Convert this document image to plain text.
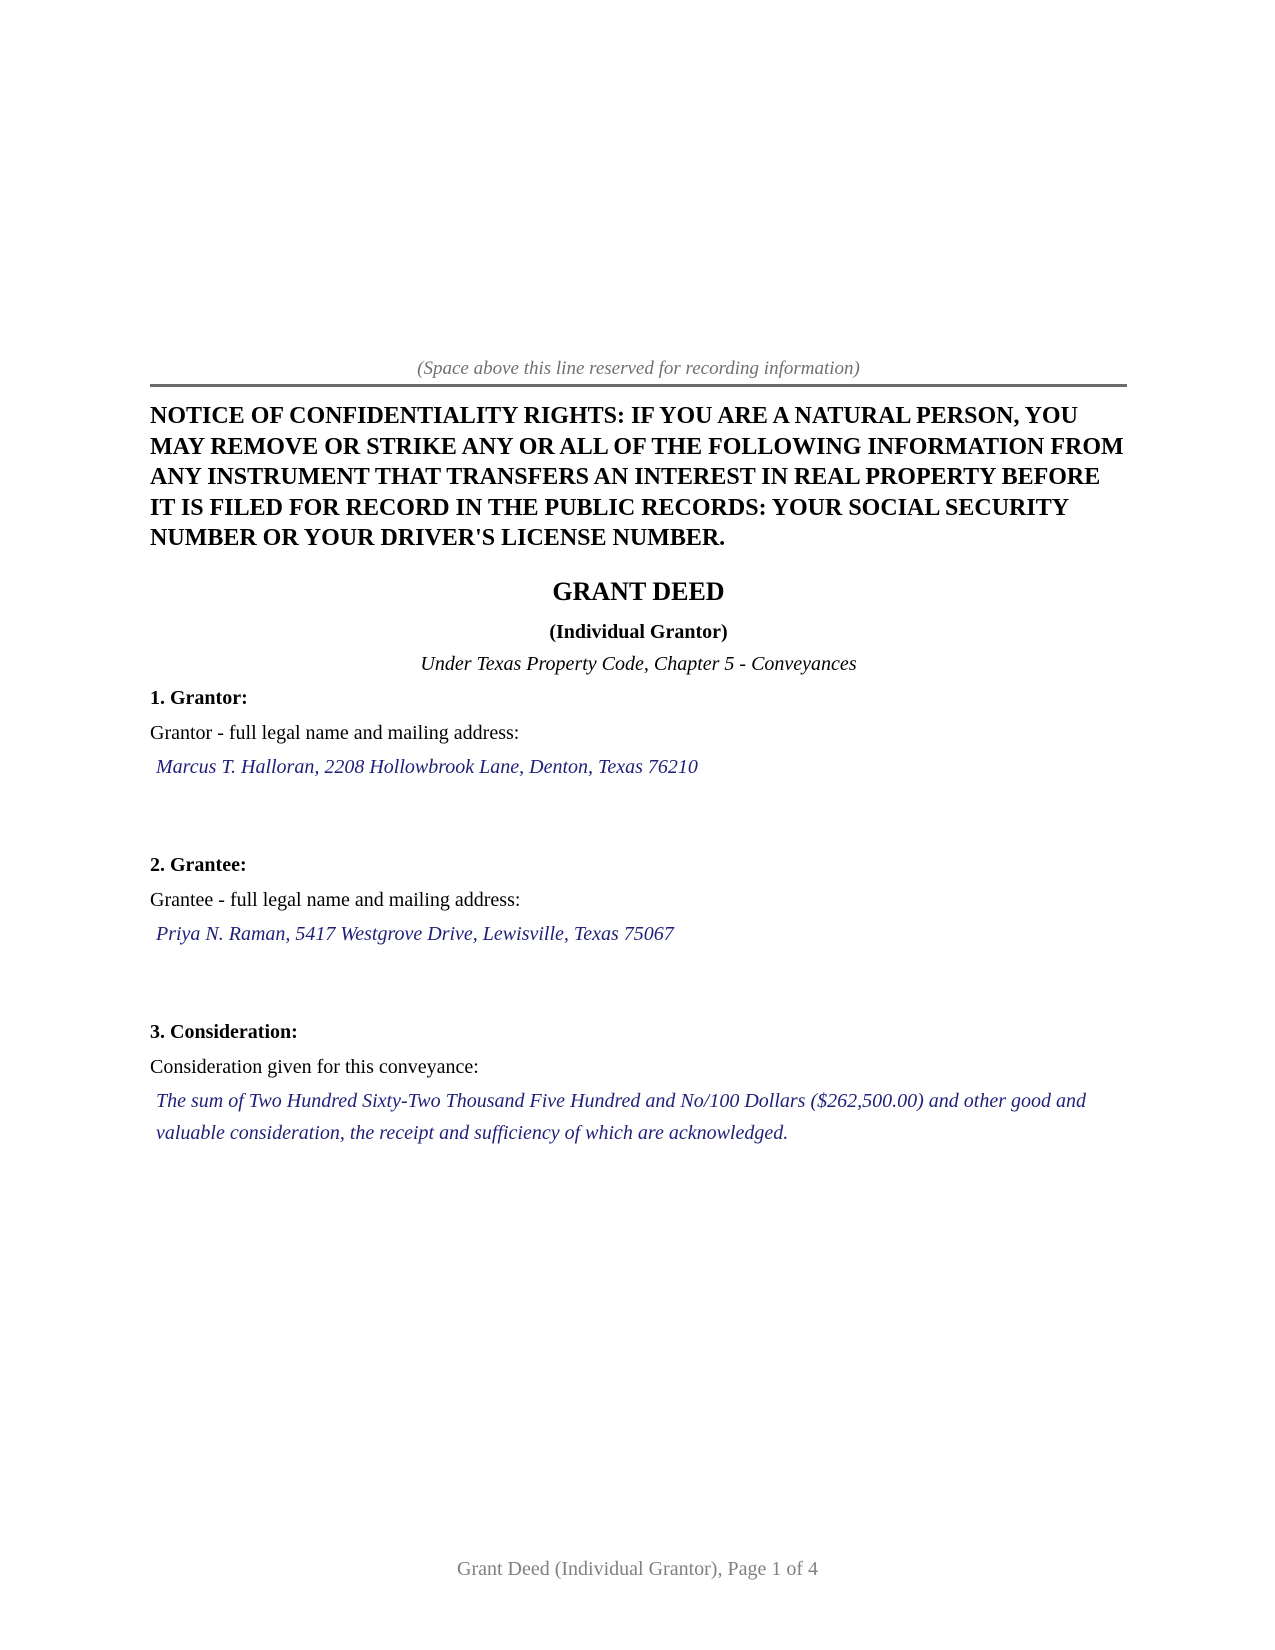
(Space above this line reserved for recording information)

NOTICE OF CONFIDENTIALITY RIGHTS: IF YOU ARE A NATURAL PERSON, YOU MAY REMOVE OR STRIKE ANY OR ALL OF THE FOLLOWING INFORMATION FROM ANY INSTRUMENT THAT TRANSFERS AN INTEREST IN REAL PROPERTY BEFORE IT IS FILED FOR RECORD IN THE PUBLIC RECORDS: YOUR SOCIAL SECURITY NUMBER OR YOUR DRIVER'S LICENSE NUMBER.

GRANT DEED
(Individual Grantor)
Under Texas Property Code, Chapter 5 - Conveyances
1. Grantor:
Grantor - full legal name and mailing address:
Marcus T. Halloran, 2208 Hollowbrook Lane, Denton, Texas 76210
2. Grantee:
Grantee - full legal name and mailing address:
Priya N. Raman, 5417 Westgrove Drive, Lewisville, Texas 75067
3. Consideration:
Consideration given for this conveyance:
The sum of Two Hundred Sixty-Two Thousand Five Hundred and No/100 Dollars ($262,500.00) and other good and valuable consideration, the receipt and sufficiency of which are acknowledged.
Grant Deed (Individual Grantor), Page 1 of 4
